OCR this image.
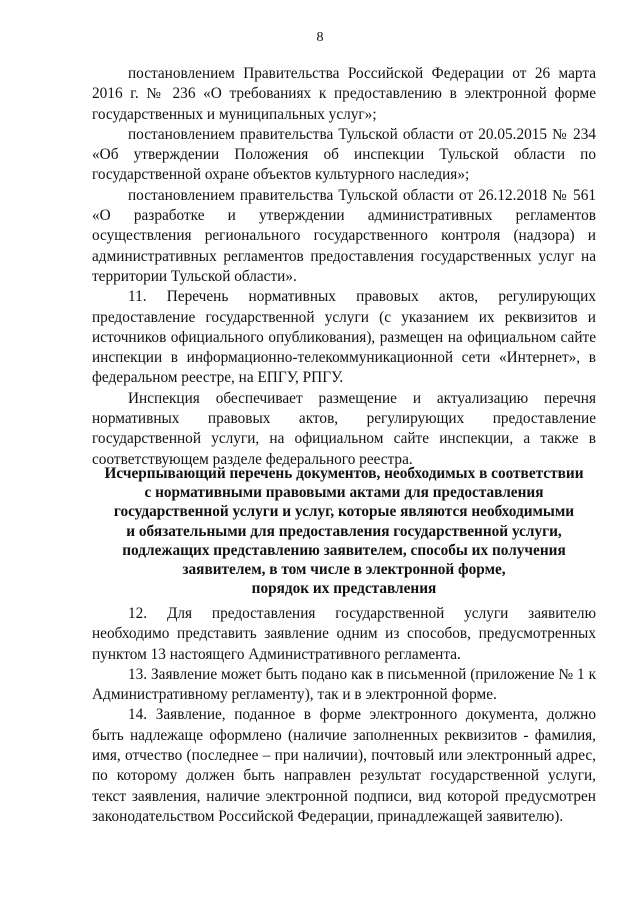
8

постановлением Правительства Российской Федерации от 26 марта 2016 г. № 236 «О требованиях к предоставлению в электронной форме государственных и муниципальных услуг»;

постановлением правительства Тульской области от 20.05.2015 № 234 «Об утверждении Положения об инспекции Тульской области по государственной охране объектов культурного наследия»;

постановлением правительства Тульской области от 26.12.2018 № 561 «О разработке и утверждении административных регламентов осуществления регионального государственного контроля (надзора) и административных регламентов предоставления государственных услуг на территории Тульской области».

11. Перечень нормативных правовых актов, регулирующих предоставление государственной услуги (с указанием их реквизитов и источников официального опубликования), размещен на официальном сайте инспекции в информационно-телекоммуникационной сети «Интернет», в федеральном реестре, на ЕПГУ, РПГУ.

Инспекция обеспечивает размещение и актуализацию перечня нормативных правовых актов, регулирующих предоставление государственной услуги, на официальном сайте инспекции, а также в соответствующем разделе федерального реестра.

Исчерпывающий перечень документов, необходимых в соответствии

с нормативными правовыми актами для предоставления

государственной услуги и услуг, которые являются необходимыми

и обязательными для предоставления государственной услуги,

подлежащих представлению заявителем, способы их получения

заявителем, в том числе в электронной форме,

порядок их представления

12. Для предоставления государственной услуги заявителю необходимо представить заявление одним из способов, предусмотренных пунктом 13 настоящего Административного регламента.

13. Заявление может быть подано как в письменной (приложение № 1 к Административному регламенту), так и в электронной форме.

14. Заявление, поданное в форме электронного документа, должно быть надлежаще оформлено (наличие заполненных реквизитов - фамилия, имя, отчество (последнее – при наличии), почтовый или электронный адрес, по которому должен быть направлен результат государственной услуги, текст заявления, наличие электронной подписи, вид которой предусмотрен законодательством Российской Федерации, принадлежащей заявителю).
